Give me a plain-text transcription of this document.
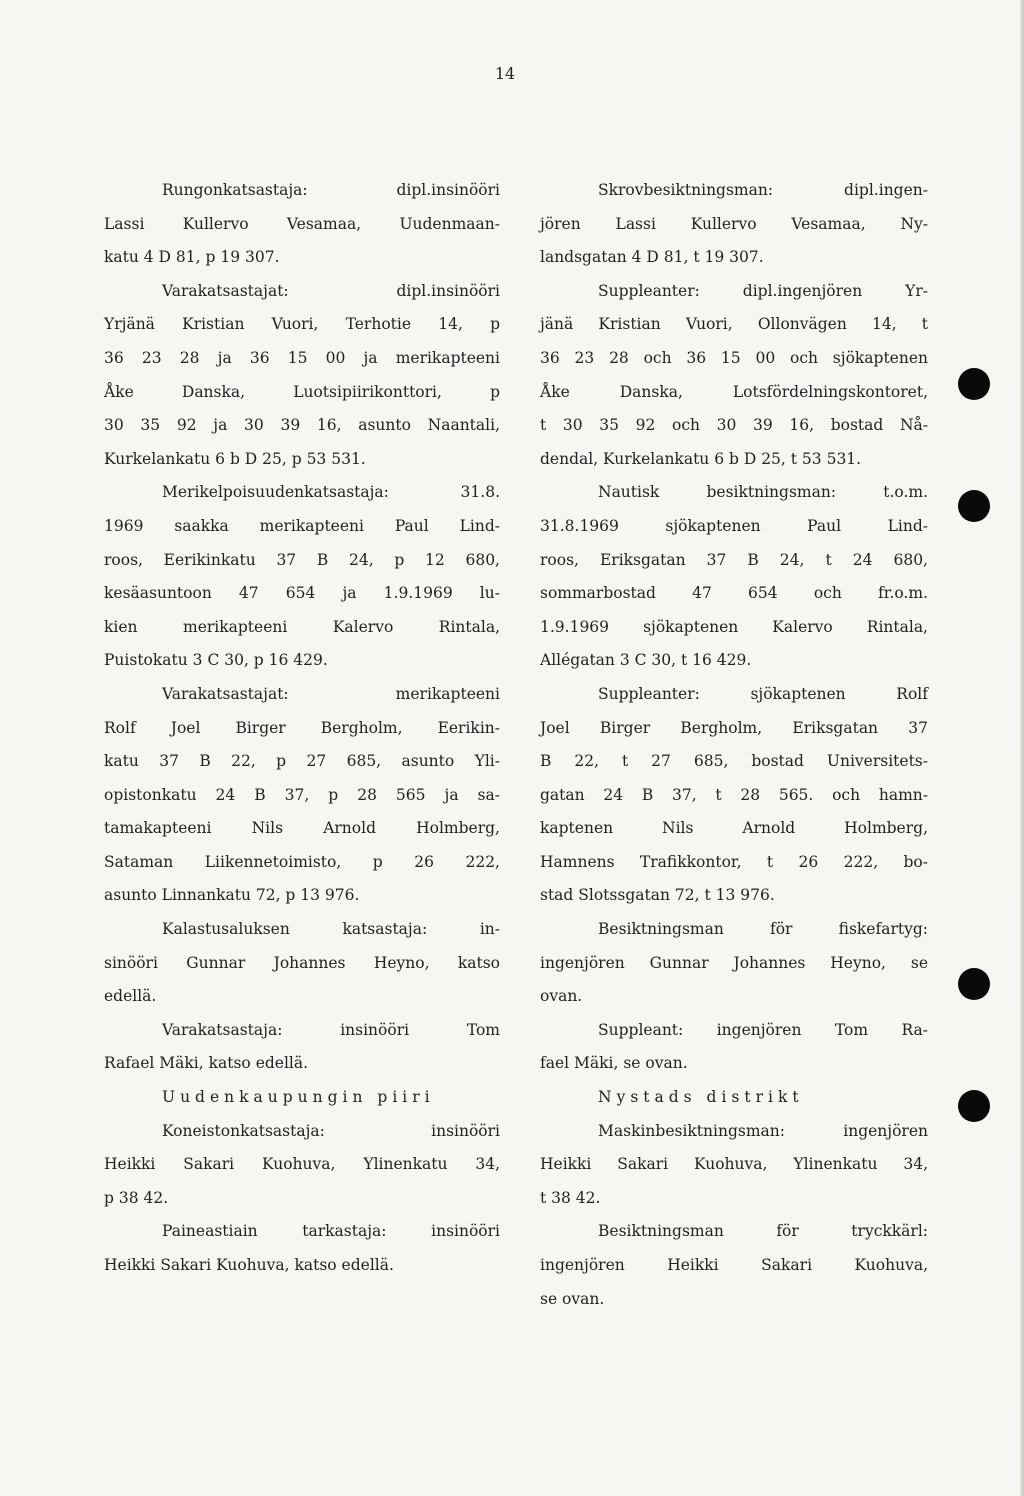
14
Rungonkatsastaja: dipl.insinööri
Lassi Kullervo Vesamaa, Uudenmaan-
katu 4 D 81, p 19 307.
Varakatsastajat: dipl.insinööri
Yrjänä Kristian Vuori, Terhotie 14, p
36 23 28 ja 36 15 00 ja merikapteeni
Åke Danska, Luotsipiirikonttori, p
30 35 92 ja 30 39 16, asunto Naantali,
Kurkelankatu 6 b D 25, p 53 531.
Merikelpoisuudenkatsastaja: 31.8.
1969 saakka merikapteeni Paul Lind-
roos, Eerikinkatu 37 B 24, p 12 680,
kesäasuntoon 47 654 ja 1.9.1969 lu-
kien merikapteeni Kalervo Rintala,
Puistokatu 3 C 30, p 16 429.
Varakatsastajat: merikapteeni
Rolf Joel Birger Bergholm, Eerikin-
katu 37 B 22, p 27 685, asunto Yli-
opistonkatu 24 B 37, p 28 565 ja sa-
tamakapteeni Nils Arnold Holmberg,
Sataman Liikennetoimisto, p 26 222,
asunto Linnankatu 72, p 13 976.
Kalastusaluksen katsastaja: in-
sinööri Gunnar Johannes Heyno, katso
edellä.
Varakatsastaja: insinööri Tom
Rafael Mäki, katso edellä.
Uudenkaupungin piiri
Koneistonkatsastaja: insinööri
Heikki Sakari Kuohuva, Ylinenkatu 34,
p 38 42.
Paineastiain tarkastaja: insinööri
Heikki Sakari Kuohuva, katso edellä.
Skrovbesiktningsman: dipl.ingen-
jören Lassi Kullervo Vesamaa, Ny-
landsgatan 4 D 81, t 19 307.
Suppleanter: dipl.ingenjören Yr-
jänä Kristian Vuori, Ollonvägen 14, t
36 23 28 och 36 15 00 och sjökaptenen
Åke Danska, Lotsfördelningskontoret,
t 30 35 92 och 30 39 16, bostad Nå-
dendal, Kurkelankatu 6 b D 25, t 53 531.
Nautisk besiktningsman: t.o.m.
31.8.1969 sjökaptenen Paul Lind-
roos, Eriksgatan 37 B 24, t 24 680,
sommarbostad 47 654 och fr.o.m.
1.9.1969 sjökaptenen Kalervo Rintala,
Allégatan 3 C 30, t 16 429.
Suppleanter: sjökaptenen Rolf
Joel Birger Bergholm, Eriksgatan 37
B 22, t 27 685, bostad Universitets-
gatan 24 B 37, t 28 565. och hamn-
kaptenen Nils Arnold Holmberg,
Hamnens Trafikkontor, t 26 222, bo-
stad Slotssgatan 72, t 13 976.
Besiktningsman för fiskefartyg:
ingenjören Gunnar Johannes Heyno, se
ovan.
Suppleant: ingenjören Tom Ra-
fael Mäki, se ovan.
Nystads distrikt
Maskinbesiktningsman: ingenjören
Heikki Sakari Kuohuva, Ylinenkatu 34,
t 38 42.
Besiktningsman för tryckkärl:
ingenjören Heikki Sakari Kuohuva,
se ovan.
